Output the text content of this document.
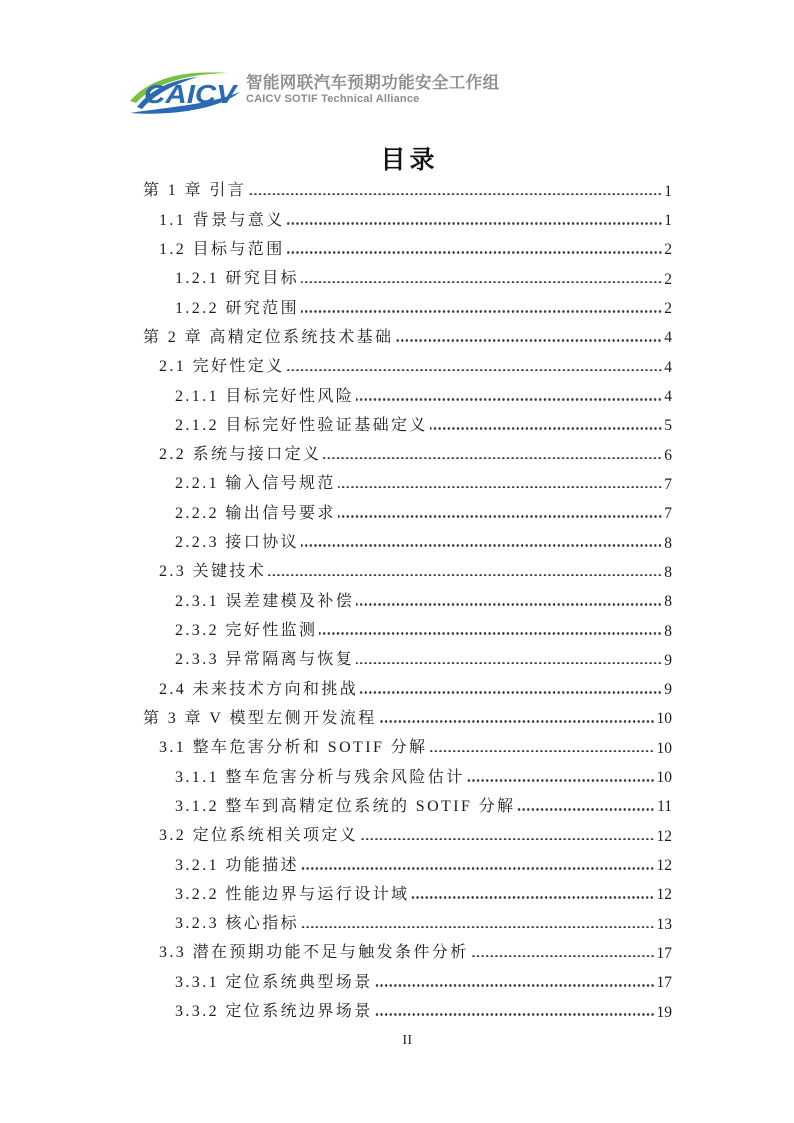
CAICV 智能网联汽车预期功能安全工作组
CAICV SOTIF Technical Alliance
目录
第 1 章 引言	1
1.1 背景与意义	1
1.2 目标与范围	2
1.2.1 研究目标	2
1.2.2 研究范围	2
第 2 章 高精定位系统技术基础	4
2.1 完好性定义	4
2.1.1 目标完好性风险	4
2.1.2 目标完好性验证基础定义	5
2.2 系统与接口定义	6
2.2.1 输入信号规范	7
2.2.2 输出信号要求	7
2.2.3 接口协议	8
2.3 关键技术	8
2.3.1 误差建模及补偿	8
2.3.2 完好性监测	8
2.3.3 异常隔离与恢复	9
2.4 未来技术方向和挑战	9
第 3 章 V 模型左侧开发流程	10
3.1 整车危害分析和 SOTIF 分解	10
3.1.1 整车危害分析与残余风险估计	10
3.1.2 整车到高精定位系统的 SOTIF 分解	11
3.2 定位系统相关项定义	12
3.2.1 功能描述	12
3.2.2 性能边界与运行设计域	12
3.2.3 核心指标	13
3.3 潜在预期功能不足与触发条件分析	17
3.3.1 定位系统典型场景	17
3.3.2 定位系统边界场景	19
II
